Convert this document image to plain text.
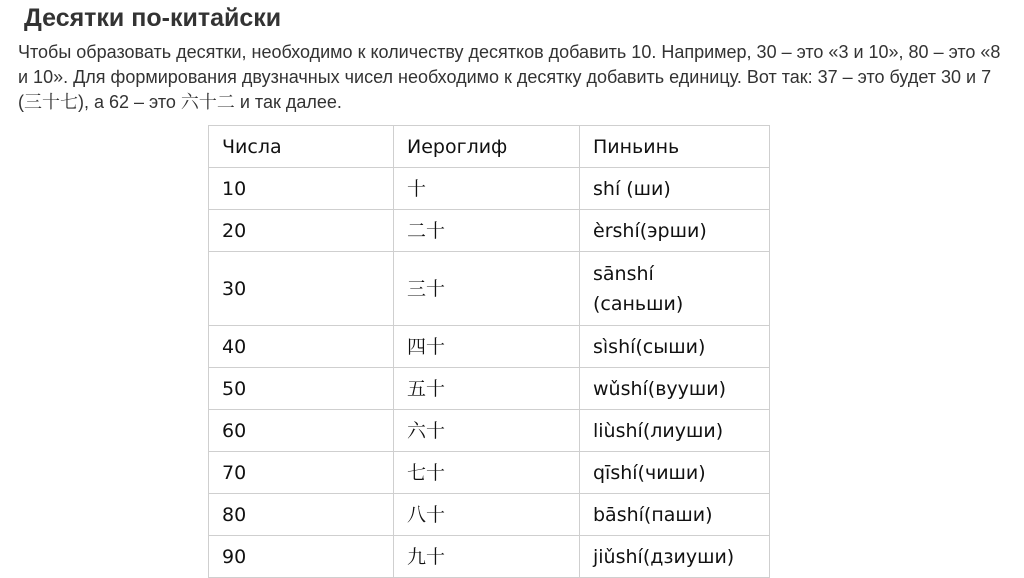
Десятки по-китайски
Чтобы образовать десятки, необходимо к количеству десятков добавить 10. Например, 30 – это «3 и 10», 80 – это «8 и 10». Для формирования двузначных чисел необходимо к десятку добавить единицу. Вот так: 37 – это будет 30 и 7 (三十七), а 62 – это 六十二 и так далее.
Числа	Иероглиф	Пиньинь
10	十	shí (ши)
20	二十	èrshí(эрши)
30	三十	sānshí (саньши)
40	四十	sìshí(сыши)
50	五十	wǔshí(вууши)
60	六十	liùshí(лиуши)
70	七十	qīshí(чиши)
80	八十	bāshí(паши)
90	九十	jiǔshí(дзиуши)
